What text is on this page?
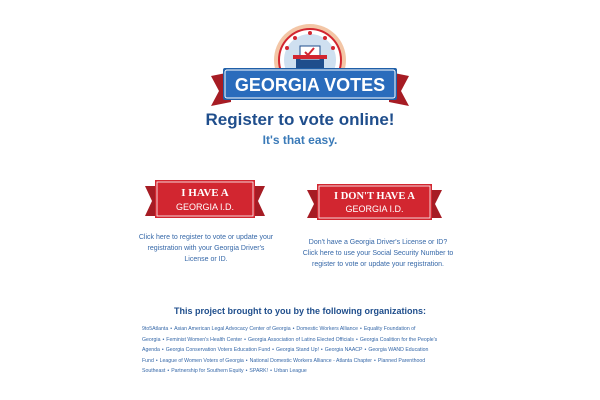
GEORGIA VOTES
Register to vote online!

It's that easy.

I HAVE A
GEORGIA I.D.
Click here to register to vote or update your registration with your Georgia Driver's License or ID.
I DON'T HAVE A
GEORGIA I.D.
Don't have a Georgia Driver's License or ID? Click here to use your Social Security Number to register to vote or update your registration.
This project brought to you by the following organizations:
9to5Atlanta • Asian American Legal Advocacy Center of Georgia • Domestic Workers Alliance • Equality Foundation of Georgia • Feminist Women's Health Center • Georgia Association of Latino Elected Officials • Georgia Coalition for the People's Agenda • Georgia Conservation Voters Education Fund • Georgia Stand Up! • Georgia NAACP • Georgia WAND Education Fund • League of Women Voters of Georgia • National Domestic Workers Alliance - Atlanta Chapter • Planned Parenthood Southeast • Partnership for Southern Equity • SPARK! • Urban League
